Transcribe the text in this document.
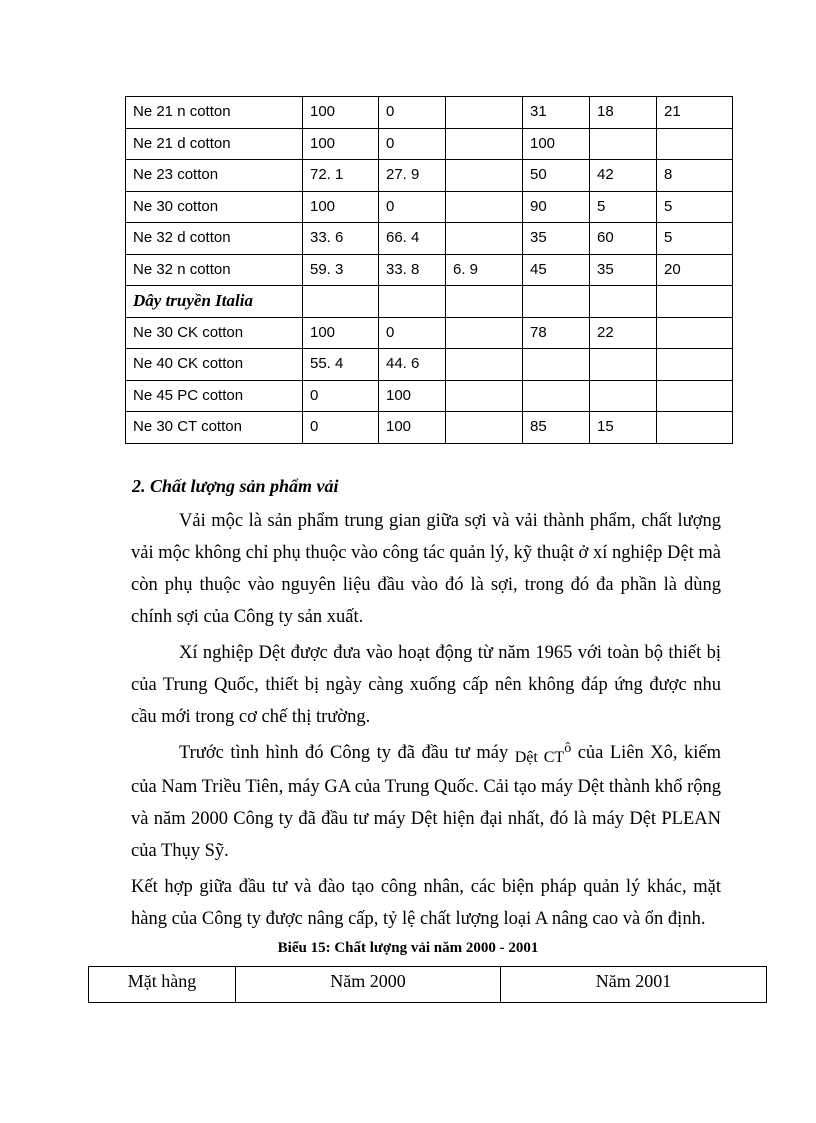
Ne 21 n cotton	100	0		31	18	21
Ne 21 d cotton	100	0		100		
Ne 23 cotton	72. 1	27. 9		50	42	8
Ne 30 cotton	100	0		90	5	5
Ne 32 d cotton	33. 6	66. 4		35	60	5
Ne 32 n cotton	59. 3	33. 8	6. 9	45	35	20
Dây truyền Italia						
Ne 30 CK cotton	100	0		78	22	
Ne 40 CK cotton	55. 4	44. 6				
Ne 45 PC cotton	0	100				
Ne 30 CT cotton	0	100		85	15	
2. Chất lượng sản phẩm vải
Vải mộc là sản phẩm trung gian giữa sợi và vải thành phẩm, chất lượng vải mộc không chỉ phụ thuộc vào công tác quản lý, kỹ thuật ở xí nghiệp Dệt mà còn phụ thuộc vào nguyên liệu đầu vào đó là sợi, trong đó đa phần là dùng chính sợi của Công ty sản xuất.
Xí nghiệp Dệt được đưa vào hoạt động từ năm 1965 với toàn bộ thiết bị của Trung Quốc, thiết bị ngày càng xuống cấp nên không đáp ứng được nhu cầu mới trong cơ chế thị trường.
Trước tình hình đó Công ty đã đầu tư máy Dệt $CT^ô$ của Liên Xô, kiếm của Nam Triều Tiên, máy GA của Trung Quốc. Cải tạo máy Dệt thành khổ rộng và năm 2000 Công ty đã đầu tư máy Dệt hiện đại nhất, đó là máy Dệt PLEAN của Thụy Sỹ.
Kết hợp giữa đầu tư và đào tạo công nhân, các biện pháp quản lý khác, mặt hàng của Công ty được nâng cấp, tỷ lệ chất lượng loại A nâng cao và ổn định.
Biểu 15: Chất lượng vải năm 2000 - 2001
Mặt hàng	Năm 2000	Năm 2001
